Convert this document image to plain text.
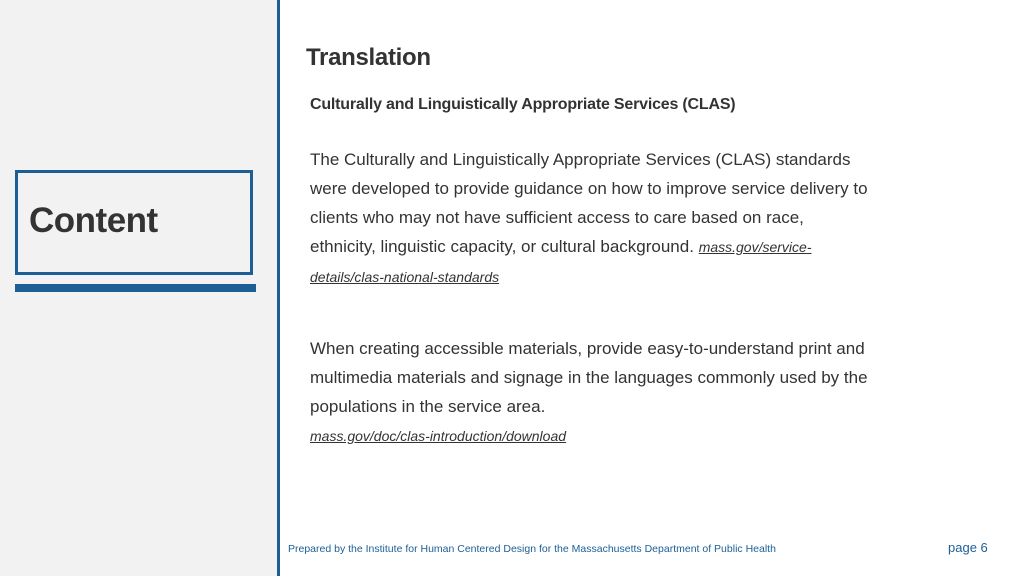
Content
Translation
Culturally and Linguistically Appropriate Services (CLAS)

The Culturally and Linguistically Appropriate Services (CLAS) standards were developed to provide guidance on how to improve service delivery to clients who may not have sufficient access to care based on race, ethnicity, linguistic capacity, or cultural background. mass.gov/service-details/clas-national-standards

When creating accessible materials, provide easy-to-understand print and multimedia materials and signage in the languages commonly used by the populations in the service area.

mass.gov/doc/clas-introduction/download
Prepared by the Institute for Human Centered Design for the Massachusetts Department of Public Health	page 6
